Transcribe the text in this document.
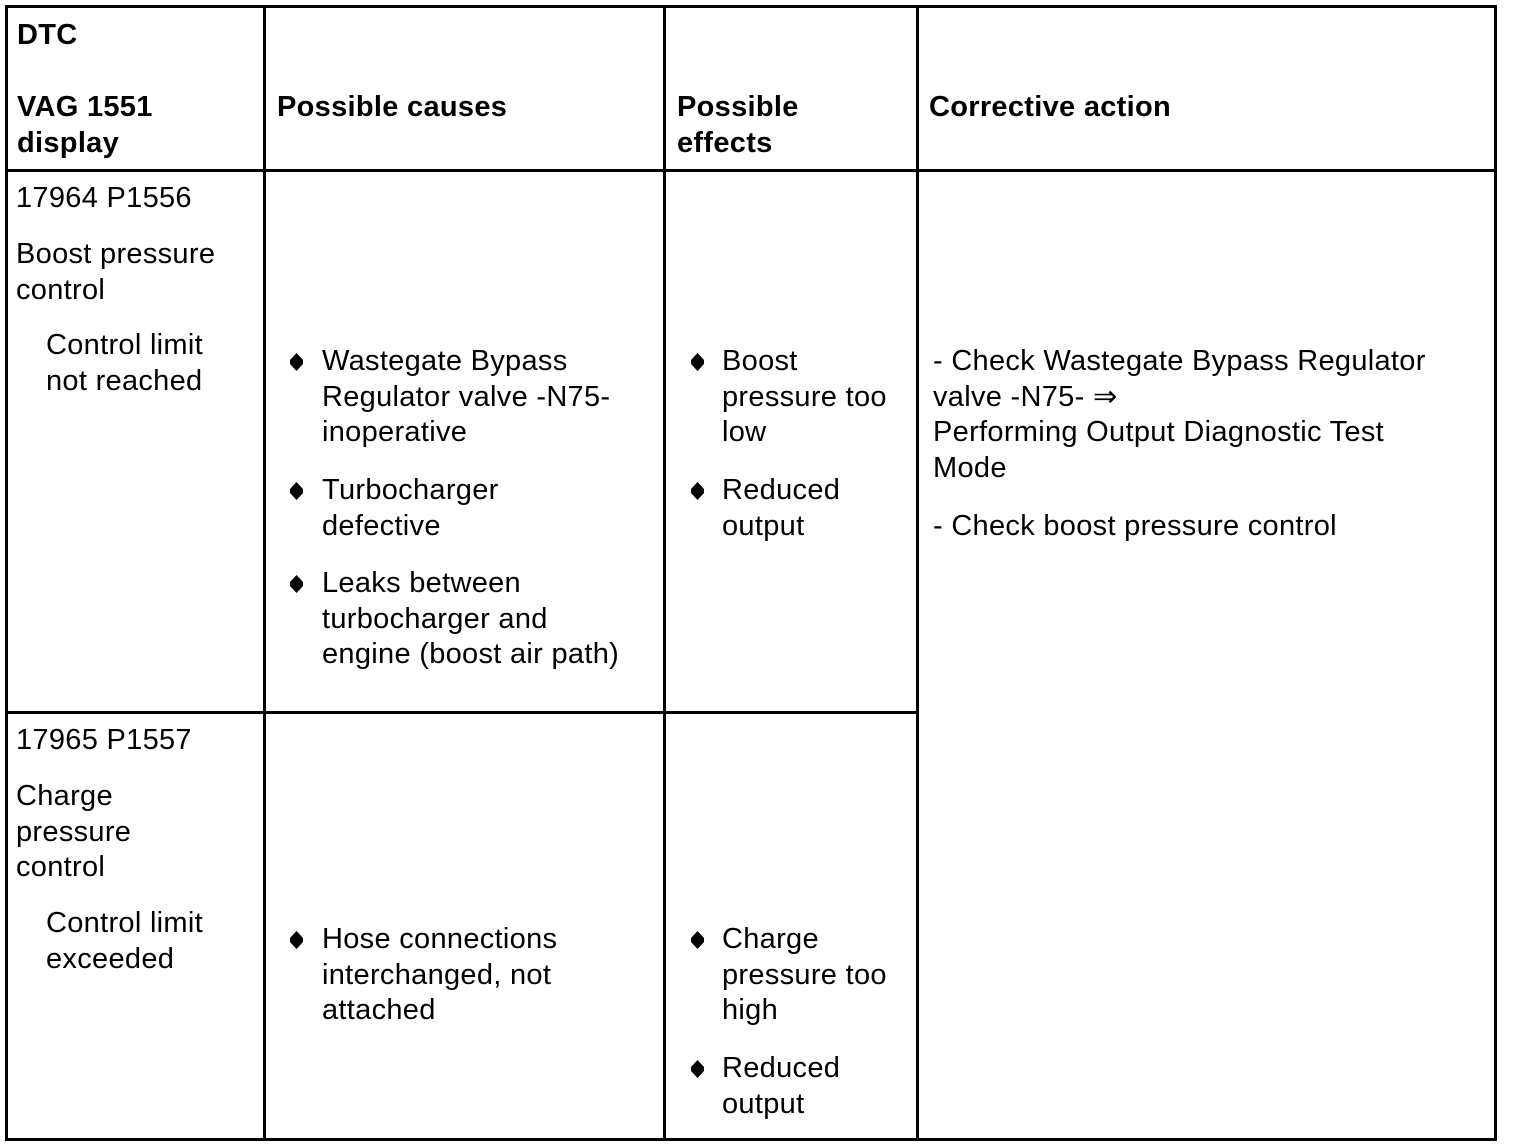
DTC
VAG 1551
display
Possible causes	Possible
effects
Corrective action
17964 P1556
Boost pressure
control
Control limit
not reached
Wastegate Bypass
Regulator valve -N75-
inoperative
Turbocharger
defective
Leaks between
turbocharger and
engine (boost air path)
Boost
pressure too
low
Reduced
output
- Check Wastegate Bypass Regulator
valve -N75- ⇒
Performing Output Diagnostic Test
Mode
- Check boost pressure control
17965 P1557
Charge
pressure
control
Control limit
exceeded
Hose connections
interchanged, not
attached
Charge
pressure too
high
Reduced
output
